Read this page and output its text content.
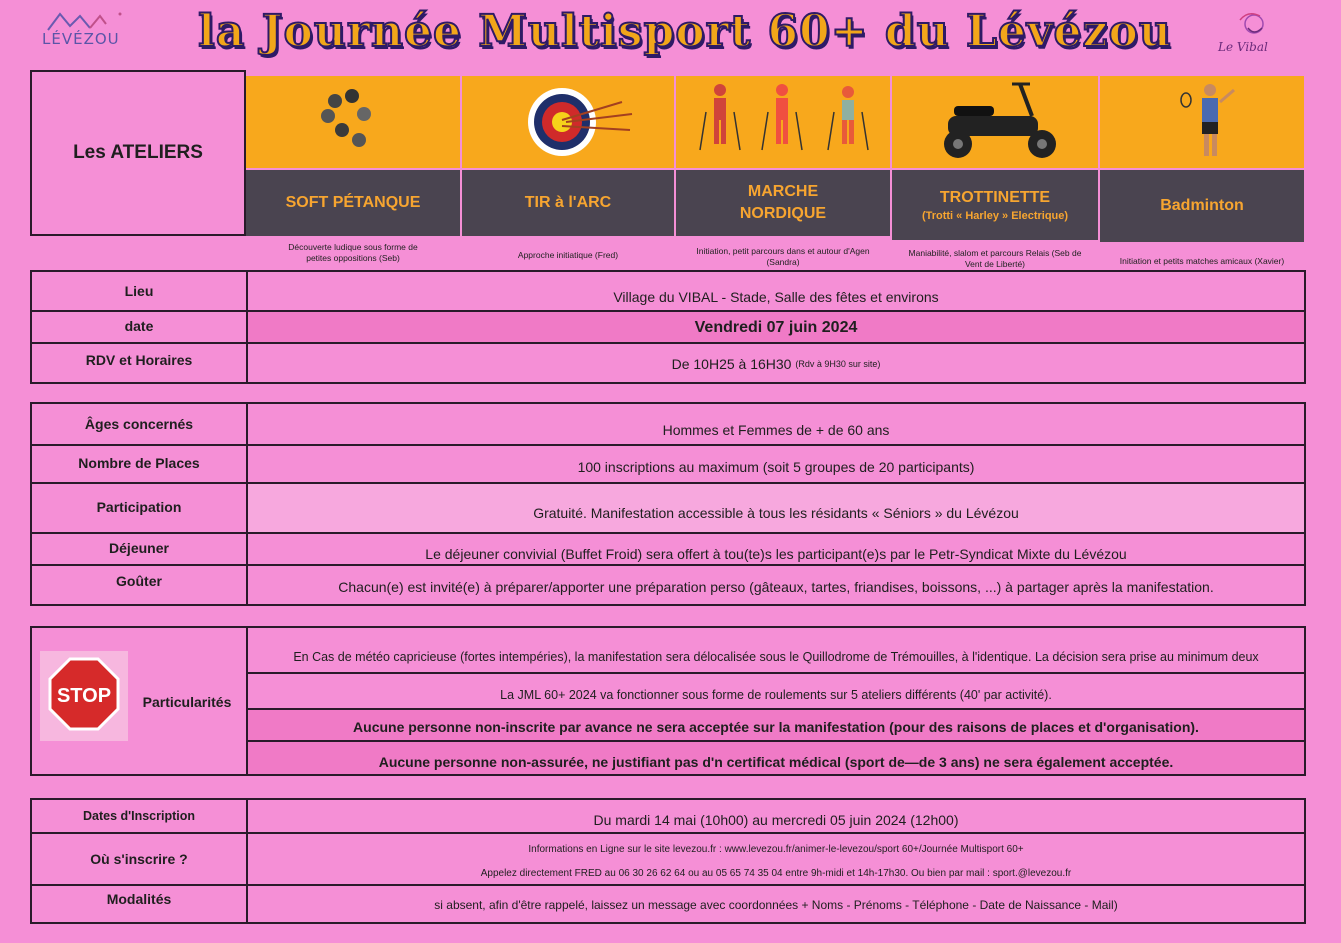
LÉVÉZOU	la Journée Multisport 60+ du Lévézou	Le Vibal
Les ATELIERS
SOFT PÉTANQUE	TIR à l'ARC
MARCHE NORDIQUE
TROTTINETTE
(Trotti « Harley » Electrique)
Badminton
Découverte ludique sous forme de petites oppositions (Seb)	Approche initiatique (Fred)	Initiation, petit parcours dans et autour d'Agen (Sandra)
Maniabilité, slalom et parcours Relais (Seb de Vent de Liberté)	Initiation et petits matches amicaux (Xavier)
Lieu	Village du VIBAL - Stade, Salle des fêtes et environs
date	Vendredi 07 juin 2024
RDV et Horaires	De 10H25 à 16H30
(Rdv à 9H30 sur site)
Âges concernés	Hommes et Femmes de + de 60 ans
Nombre de Places	100 inscriptions au maximum (soit 5 groupes de 20 participants)
Participation	Gratuité. Manifestation accessible à tous les résidants « Séniors » du Lévézou
Déjeuner	Le déjeuner convivial (Buffet Froid) sera offert à tou(te)s les participant(e)s par le Petr-Syndicat Mixte du Lévézou
Goûter	Chacun(e) est invité(e) à préparer/apporter une préparation perso (gâteaux, tartes, friandises, boissons, ...) à partager après la manifestation.
En Cas de météo capricieuse (fortes intempéries), la manifestation sera délocalisée sous le Quillodrome de Trémouilles, à l'identique. La décision sera prise au minimum deux
La JML 60+ 2024 va fonctionner sous forme de roulements sur 5 ateliers différents (40' par activité).
Aucune personne non-inscrite par avance ne sera acceptée sur la manifestation (pour des raisons de places et d'organisation).
Aucune personne non-assurée, ne justifiant pas d'n certificat médical (sport de—de 3 ans) ne sera également acceptée.
Particularités
STOP
Dates d'Inscription	Du mardi 14 mai (10h00) au mercredi 05 juin 2024 (12h00)
Où s'inscrire ?
Informations en Ligne sur le site levezou.fr : www.levezou.fr/animer-le-levezou/sport 60+/Journée Multisport 60+
Appelez directement FRED au 06 30 26 62 64 ou au 05 65 74 35 04 entre 9h-midi et 14h-17h30. Ou bien par mail : sport.@levezou.fr
Modalités	si absent, afin d'être rappelé, laissez un message avec coordonnées + Noms - Prénoms - Téléphone - Date de Naissance - Mail)
